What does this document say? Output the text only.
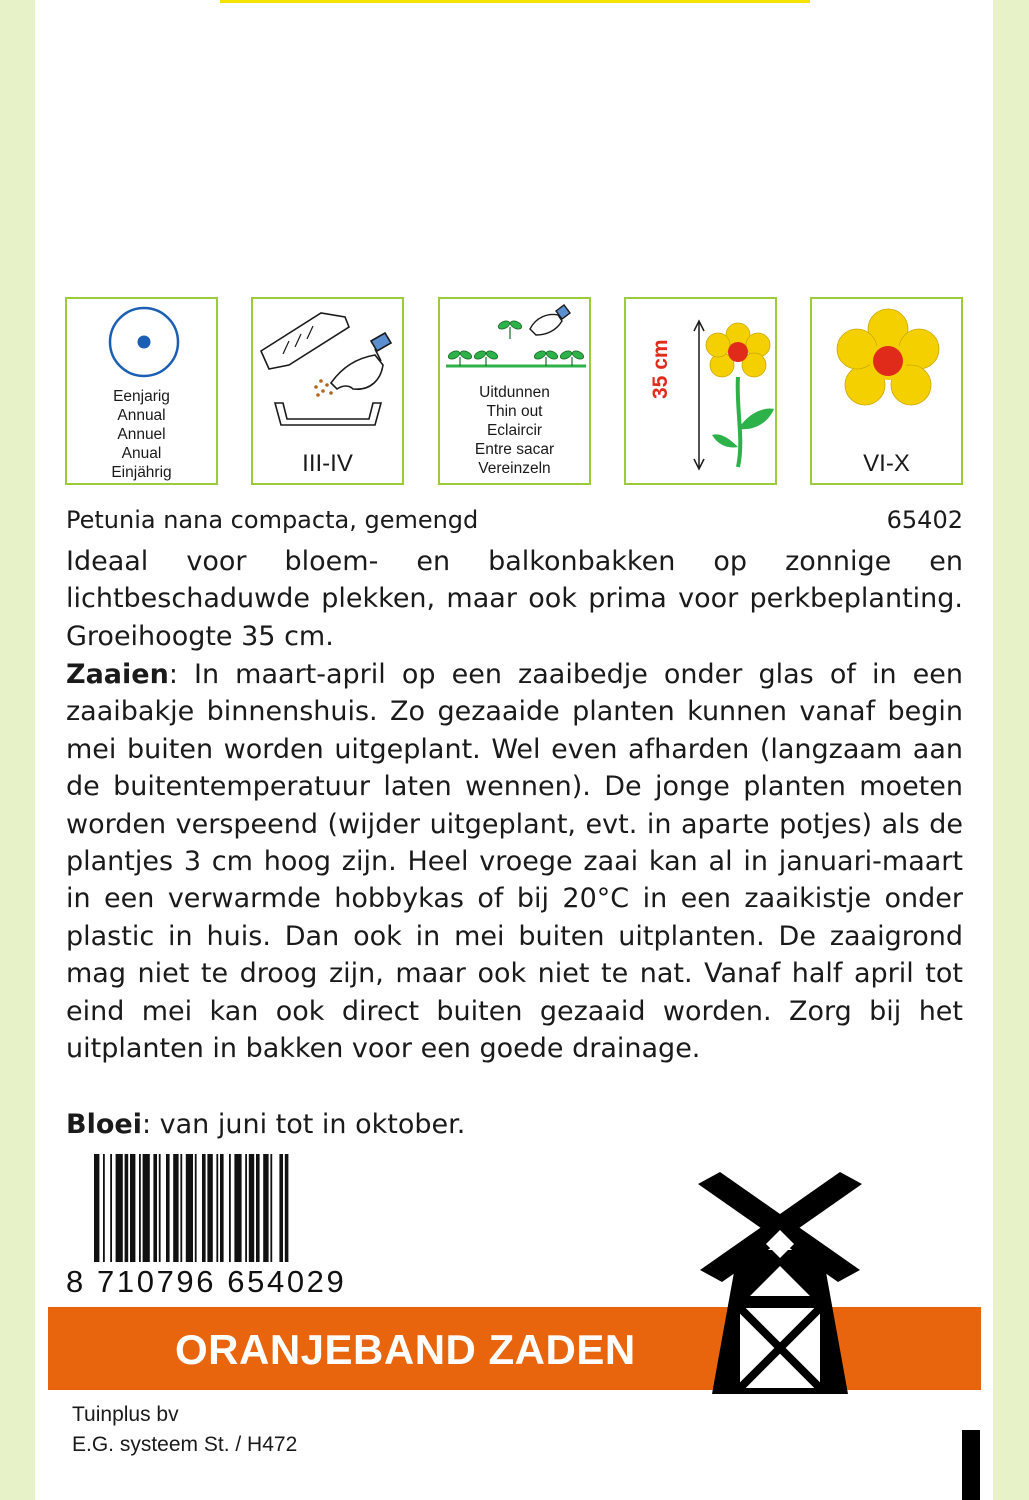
Eenjarig
Annual
Annuel
Anual
Einjährig	III-IV
Uitdunnen
Thin out
Eclaircir
Entre sacar
Vereinzeln
35 cm
VI-X
Petunia nana compacta, gemengd	65402

Ideaal voor bloem- en balkonbakken op zonnige en lichtbeschaduwde plekken, maar ook prima voor perkbeplanting. Groeihoogte 35 cm.

Zaaien: In maart-april op een zaaibedje onder glas of in een zaaibakje binnenshuis. Zo gezaaide planten kunnen vanaf begin mei buiten worden uitgeplant. Wel even afharden (langzaam aan de buitentemperatuur laten wennen). De jonge planten moeten worden verspeend (wijder uitgeplant, evt. in aparte potjes) als de plantjes 3 cm hoog zijn. Heel vroege zaai kan al in januari-maart in een verwarmde hobbykas of bij 20°C in een zaaikistje onder plastic in huis. Dan ook in mei buiten uitplanten. De zaaigrond mag niet te droog zijn, maar ook niet te nat. Vanaf half april tot eind mei kan ook direct buiten gezaaid worden. Zorg bij het uitplanten in bakken voor een goede drainage.

Bloei: van juni tot in oktober.

8 710796 654029
ORANJEBAND ZADEN
Tuinplus bv
E.G. systeem St. / H472
